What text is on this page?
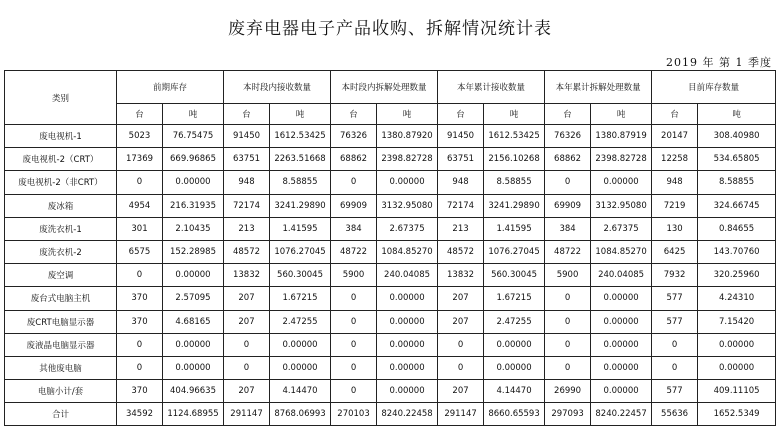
废弃电器电子产品收购、拆解情况统计表
2019 年 第 1 季度
类别	前期库存		本时段内接收数量		本时段内拆解处理数量		本年累计接收数量		本年累计拆解处理数量		目前库存数量	
	台	吨	台	吨	台	吨	台	吨	台	吨	台	吨
废电视机-1	5023	76.75475	91450	1612.53425	76326	1380.87920	91450	1612.53425	76326	1380.87919	20147	308.40980
废电视机-2（CRT）	17369	669.96865	63751	2263.51668	68862	2398.82728	63751	2156.10268	68862	2398.82728	12258	534.65805
废电视机-2（非CRT）	0	0.00000	948	8.58855	0	0.00000	948	8.58855	0	0.00000	948	8.58855
废冰箱	4954	216.31935	72174	3241.29890	69909	3132.95080	72174	3241.29890	69909	3132.95080	7219	324.66745
废洗衣机-1	301	2.10435	213	1.41595	384	2.67375	213	1.41595	384	2.67375	130	0.84655
废洗衣机-2	6575	152.28985	48572	1076.27045	48722	1084.85270	48572	1076.27045	48722	1084.85270	6425	143.70760
废空调	0	0.00000	13832	560.30045	5900	240.04085	13832	560.30045	5900	240.04085	7932	320.25960
废台式电脑主机	370	2.57095	207	1.67215	0	0.00000	207	1.67215	0	0.00000	577	4.24310
废CRT电脑显示器	370	4.68165	207	2.47255	0	0.00000	207	2.47255	0	0.00000	577	7.15420
废液晶电脑显示器	0	0.00000	0	0.00000	0	0.00000	0	0.00000	0	0.00000	0	0.00000
其他废电脑	0	0.00000	0	0.00000	0	0.00000	0	0.00000	0	0.00000	0	0.00000
电脑小计/套	370	404.96635	207	4.14470	0	0.00000	207	4.14470	26990	0.00000	577	409.11105
合计	34592	1124.68955	291147	8768.06993	270103	8240.22458	291147	8660.65593	297093	8240.22457	55636	1652.5349
